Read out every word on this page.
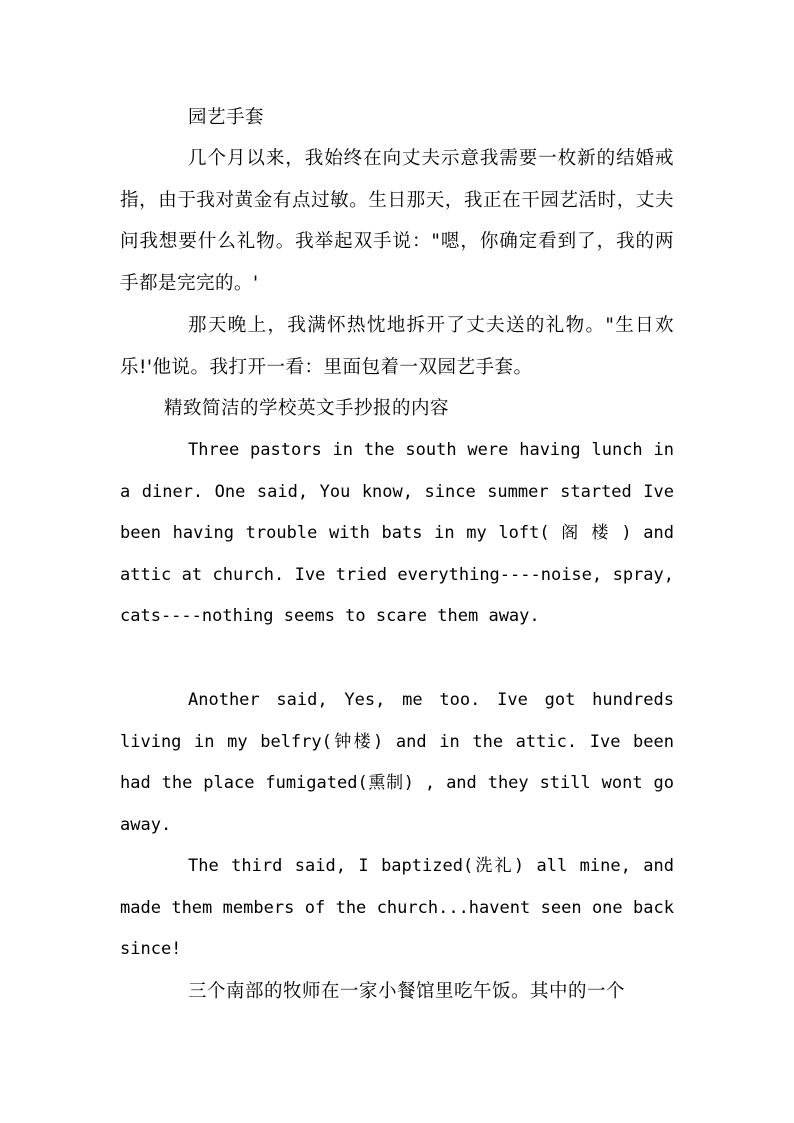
园艺手套

几个月以来，我始终在向丈夫示意我需要一枚新的结婚戒指，由于我对黄金有点过敏。生日那天，我正在干园艺活时，丈夫问我想要什么礼物。我举起双手说："嗯，你确定看到了，我的两手都是完完的。'

那天晚上，我满怀热忱地拆开了丈夫送的礼物。"生日欢乐!'他说。我打开一看：里面包着一双园艺手套。

精致简洁的学校英文手抄报的内容

Three pastors in the south were having lunch in a diner. One said, You know, since summer started Ive been having trouble with bats in my loft( 阁 楼 ) and attic at church. Ive tried everything----noise, spray, cats----nothing seems to scare them away.

Another said, Yes, me too. Ive got hundreds living in my belfry(钟楼) and in the attic. Ive been had the place fumigated(熏制) , and they still wont go away.

The third said, I baptized(洗礼) all mine, and made them members of the church...havent seen one back since!

三个南部的牧师在一家小餐馆里吃午饭。其中的一个
